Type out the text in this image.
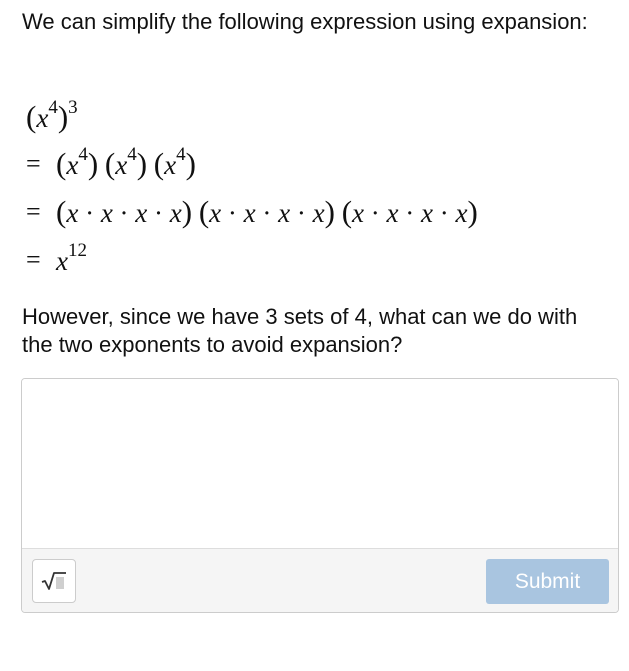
We can simplify the following expression using expansion:

$(x^4)^3$
= $(x^4)$ $(x^4)$ $(x^4)$
= (x · x · x · x) (x · x · x · x) (x · x · x · x)
= $x^{12}$

However, since we have 3 sets of 4, what can we do with the two exponents to avoid expansion?

Submit
